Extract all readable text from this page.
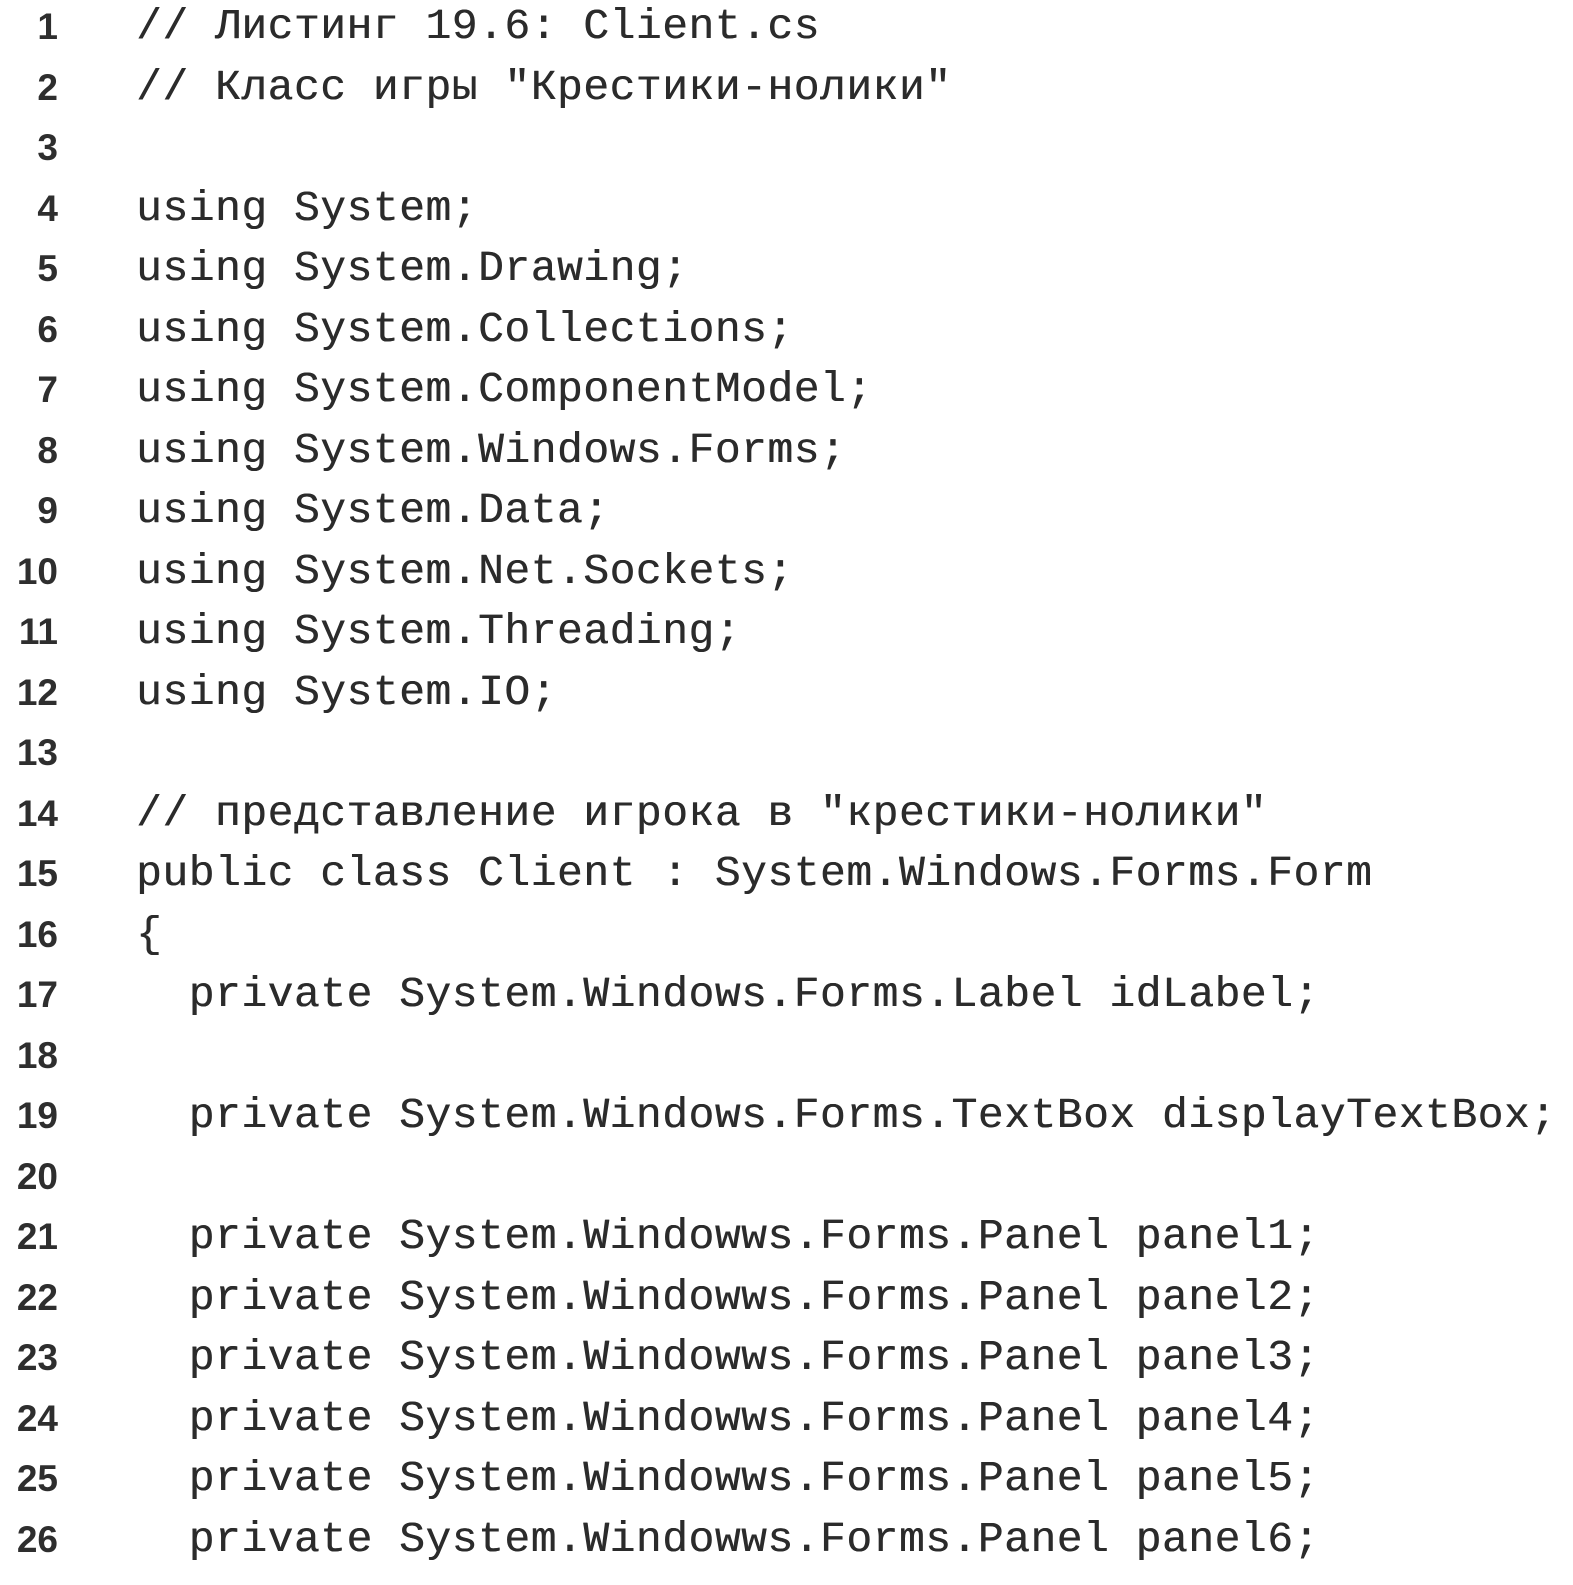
1

// Листинг 19.6: Client.cs

2

// Класс игры "Крестики-нолики"

3

4

using System;

5

using System.Drawing;

6

using System.Collections;

7

using System.ComponentModel;

8

using System.Windows.Forms;

9

using System.Data;

10

using System.Net.Sockets;

11

using System.Threading;

12

using System.IO;

13

14

// представление игрока в "крестики-нолики"

15

public class Client : System.Windows.Forms.Form

16

{

17

private System.Windows.Forms.Label idLabel;

18

19

private System.Windows.Forms.TextBox displayTextBox;

20

21

private System.Windowws.Forms.Panel panel1;

22

private System.Windowws.Forms.Panel panel2;

23

private System.Windowws.Forms.Panel panel3;

24

private System.Windowws.Forms.Panel panel4;

25

private System.Windowws.Forms.Panel panel5;

26

private System.Windowws.Forms.Panel panel6;
